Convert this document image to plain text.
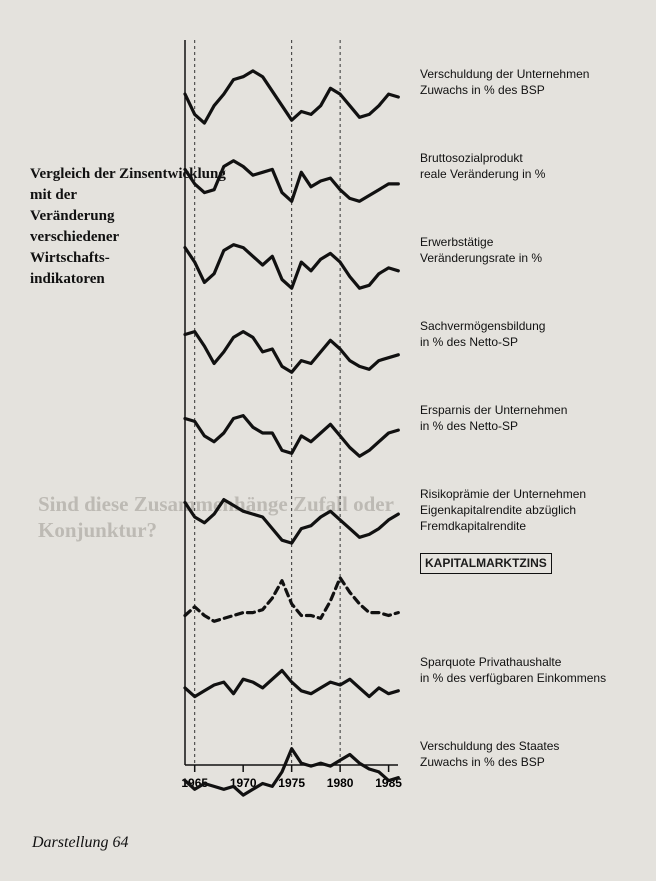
Sind diese Zusammenhänge Zufall oder
Konjunktur?
Vergleich der Zinsentwicklung
mit der
Veränderung
verschiedener
Wirtschafts-
indikatoren
1965 1970 1975 1980 1985
Verschuldung der Unternehmen
Zuwachs in % des BSP
Bruttosozialprodukt
reale Veränderung in %
Erwerbstätige
Veränderungsrate in %
Sachvermögensbildung
in % des Netto-SP
Ersparnis der Unternehmen
in % des Netto-SP
Risikoprämie der Unternehmen
Eigenkapitalrendite abzüglich
Fremdkapitalrendite
KAPITALMARKTZINS
Sparquote Privathaushalte
in % des verfügbaren Einkommens
Verschuldung des Staates
Zuwachs in % des BSP
Darstellung 64
